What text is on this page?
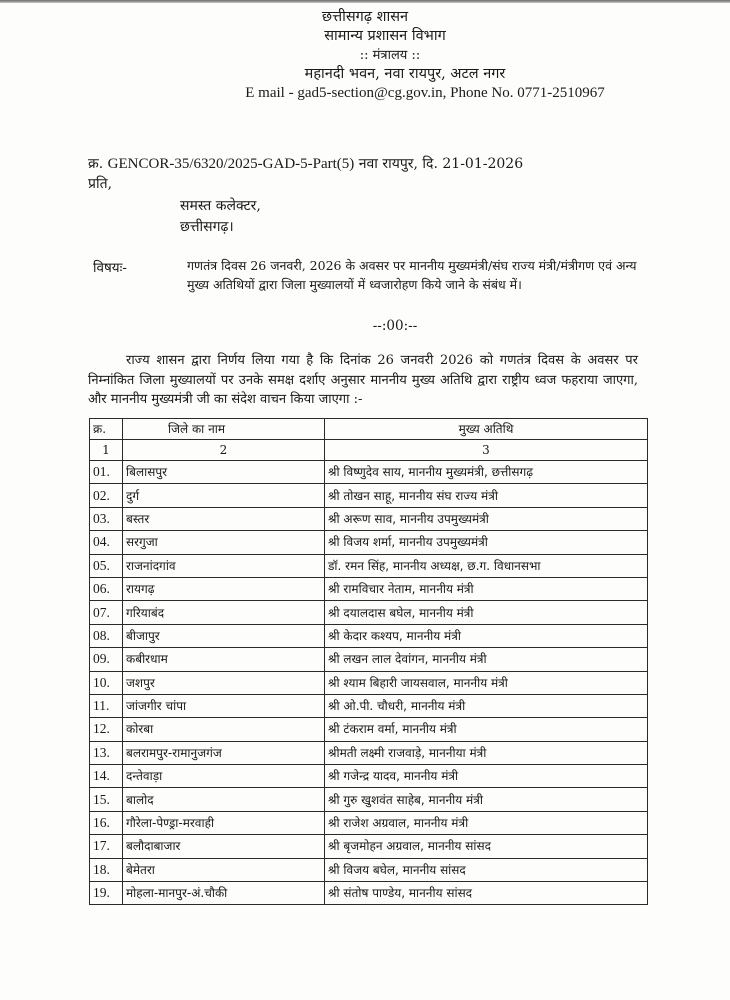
छत्तीसगढ़ शासन
सामान्य प्रशासन विभाग
:: मंत्रालय ::
महानदी भवन, नवा रायपुर, अटल नगर
E mail - gad5-section@cg.gov.in, Phone No. 0771-2510967
क्र. GENCOR-35/6320/2025-GAD-5-Part(5) नवा रायपुर, दि. 21-01-2026
प्रति,
समस्त कलेक्टर,
छत्तीसगढ़।
विषयः-	गणतंत्र दिवस 26 जनवरी, 2026 के अवसर पर माननीय मुख्यमंत्री/संघ राज्य मंत्री/मंत्रीगण एवं अन्य मुख्य अतिथियों द्वारा जिला मुख्यालयों में ध्वजारोहण किये जाने के संबंध में।
--:00:--
राज्य शासन द्वारा निर्णय लिया गया है कि दिनांक 26 जनवरी 2026 को गणतंत्र दिवस के अवसर पर निम्नांकित जिला मुख्यालयों पर उनके समक्ष दर्शाए अनुसार माननीय मुख्य अतिथि द्वारा राष्ट्रीय ध्वज फहराया जाएगा, और माननीय मुख्यमंत्री जी का संदेश वाचन किया जाएगा :-
क्र.	जिले का नाम	मुख्य अतिथि
1	2	3
01.	बिलासपुर	श्री विष्णुदेव साय, माननीय मुख्यमंत्री, छत्तीसगढ़
02.	दुर्ग	श्री तोखन साहू, माननीय संघ राज्य मंत्री
03.	बस्तर	श्री अरूण साव, माननीय उपमुख्यमंत्री
04.	सरगुजा	श्री विजय शर्मा, माननीय उपमुख्यमंत्री
05.	राजनांदगांव	डॉ. रमन सिंह, माननीय अध्यक्ष, छ.ग. विधानसभा
06.	रायगढ़	श्री रामविचार नेताम, माननीय मंत्री
07.	गरियाबंद	श्री दयालदास बघेल, माननीय मंत्री
08.	बीजापुर	श्री केदार कश्यप, माननीय मंत्री
09.	कबीरधाम	श्री लखन लाल देवांगन, माननीय मंत्री
10.	जशपुर	श्री श्याम बिहारी जायसवाल, माननीय मंत्री
11.	जांजगीर चांपा	श्री ओ.पी. चौधरी, माननीय मंत्री
12.	कोरबा	श्री टंकराम वर्मा, माननीय मंत्री
13.	बलरामपुर-रामानुजगंज	श्रीमती लक्ष्मी राजवाड़े, माननीया मंत्री
14.	दन्तेवाड़ा	श्री गजेन्द्र यादव, माननीय मंत्री
15.	बालोद	श्री गुरु खुशवंत साहेब, माननीय मंत्री
16.	गौरेला-पेण्ड्रा-मरवाही	श्री राजेश अग्रवाल, माननीय मंत्री
17.	बलौदाबाजार	श्री बृजमोहन अग्रवाल, माननीय सांसद
18.	बेमेतरा	श्री विजय बघेल, माननीय सांसद
19.	मोहला-मानपुर-अं.चौकी	श्री संतोष पाण्डेय, माननीय सांसद
